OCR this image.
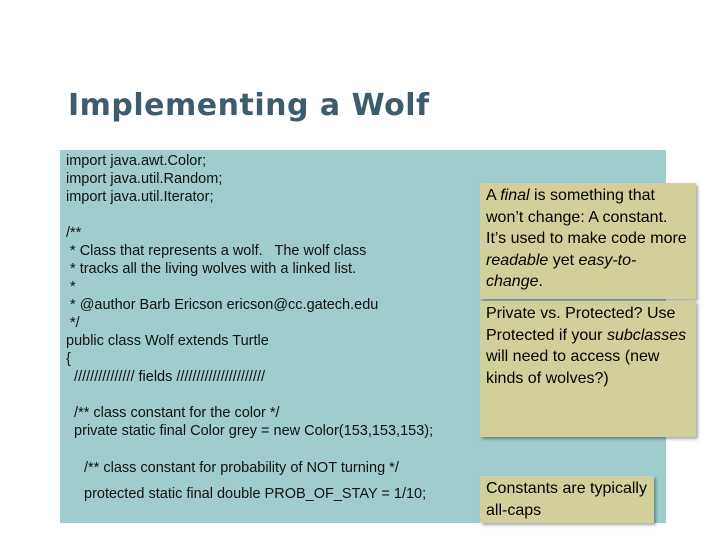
Implementing a Wolf
import java.awt.Color;
import java.util.Random;
import java.util.Iterator;
/**
* Class that represents a wolf.   The wolf class
* tracks all the living wolves with a linked list.
*
* @author Barb Ericson ericson@cc.gatech.edu
*/
public class Wolf extends Turtle
{
/////////////// fields //////////////////////
/** class constant for the color */
private static final Color grey = new Color(153,153,153);
/** class constant for probability of NOT turning */
protected static final double PROB_OF_STAY = 1/10;
A final is something that won’t change: A constant. It’s used to make code more readable yet easy-to-change.
Private vs. Protected? Use Protected if your subclasses will need to access (new kinds of wolves?)
Constants are typically all-caps
